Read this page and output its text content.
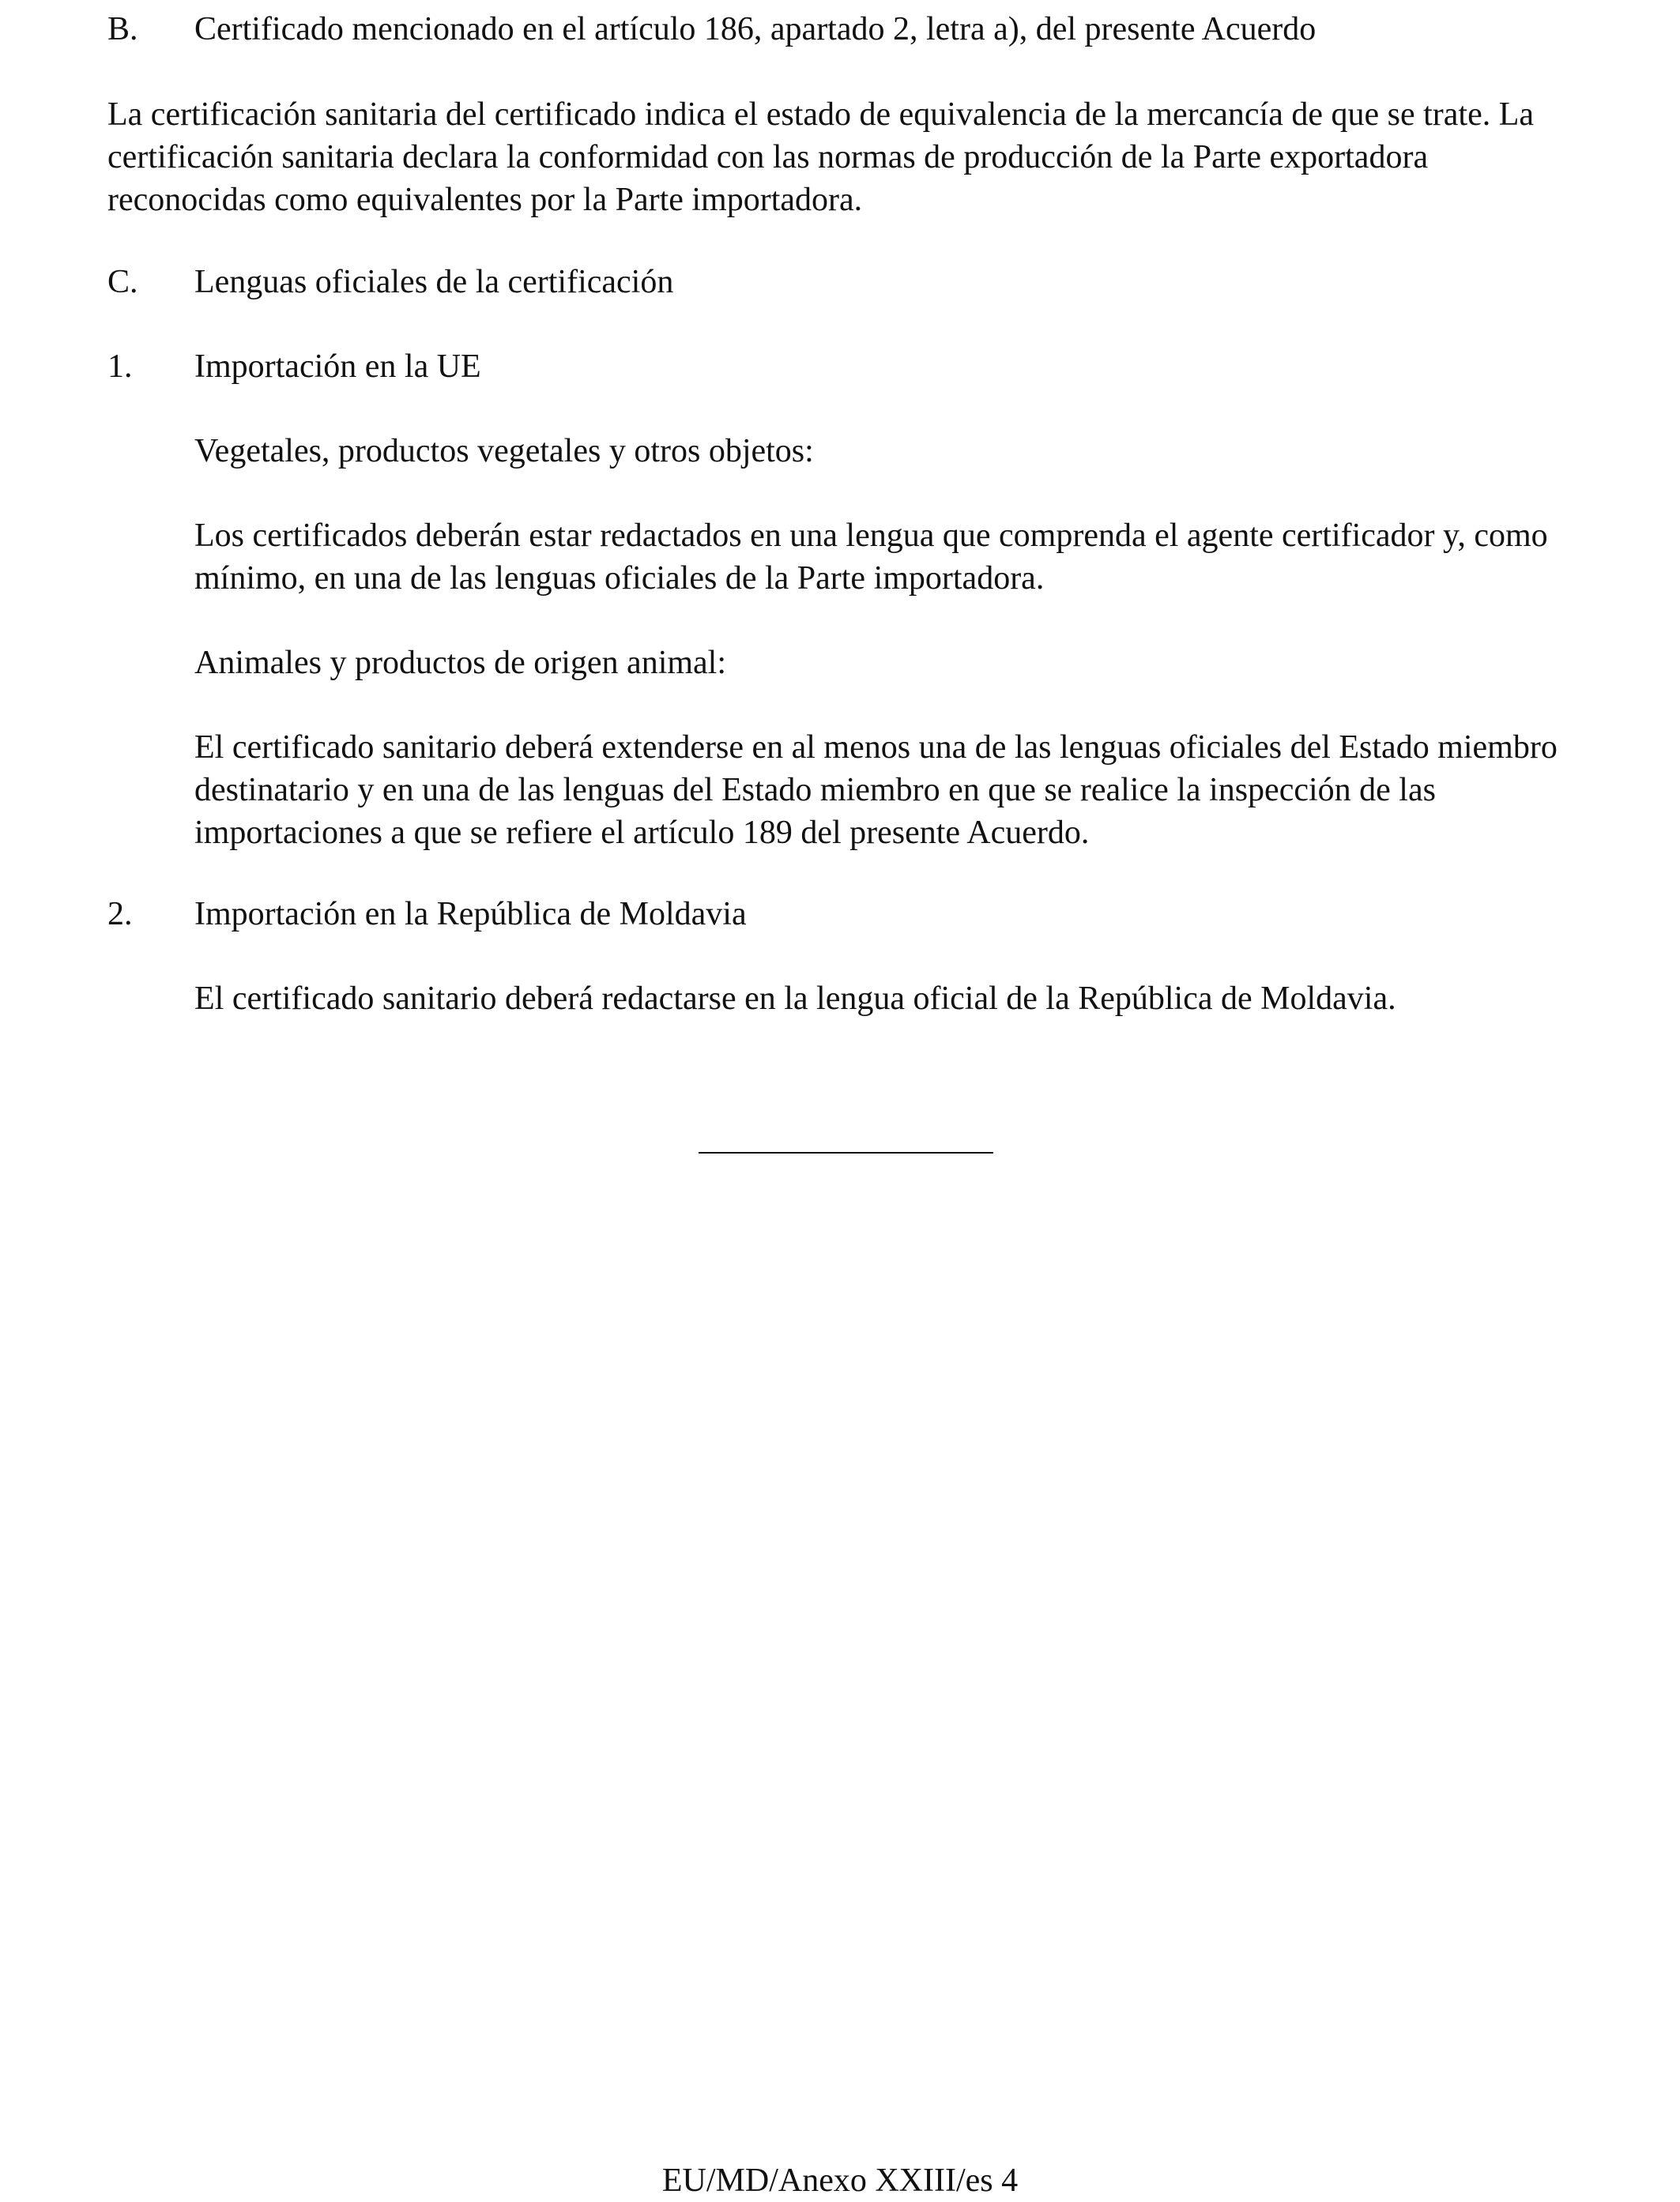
B. Certificado mencionado en el artículo 186, apartado 2, letra a), del presente Acuerdo

La certificación sanitaria del certificado indica el estado de equivalencia de la mercancía de que se trate. La certificación sanitaria declara la conformidad con las normas de producción de la Parte exportadora reconocidas como equivalentes por la Parte importadora.

C. Lenguas oficiales de la certificación
1. Importación en la UE

Vegetales, productos vegetales y otros objetos:

Los certificados deberán estar redactados en una lengua que comprenda el agente certificador y, como mínimo, en una de las lenguas oficiales de la Parte importadora.

Animales y productos de origen animal:

El certificado sanitario deberá extenderse en al menos una de las lenguas oficiales del Estado miembro destinatario y en una de las lenguas del Estado miembro en que se realice la inspección de las importaciones a que se refiere el artículo 189 del presente Acuerdo.

2. Importación en la República de Moldavia

El certificado sanitario deberá redactarse en la lengua oficial de la República de Moldavia.

EU/MD/Anexo XXIII/es 4
